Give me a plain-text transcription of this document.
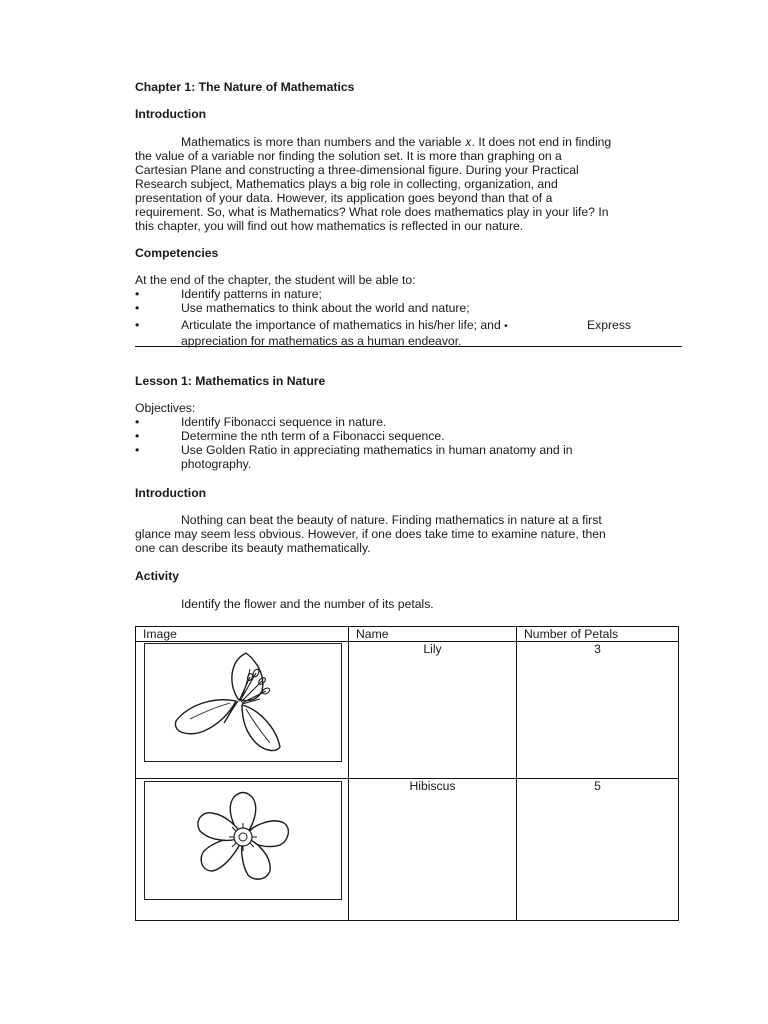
Chapter 1: The Nature of Mathematics
Introduction

Mathematics is more than numbers and the variable 𝑥. It does not end in finding

the value of a variable nor finding the solution set. It is more than graphing on a

Cartesian Plane and constructing a three-dimensional figure. During your Practical

Research subject, Mathematics plays a big role in collecting, organization, and

presentation of your data. However, its application goes beyond than that of a

requirement. So, what is Mathematics? What role does mathematics play in your life? In

this chapter, you will find out how mathematics is reflected in our nature.

Competencies
At the end of the chapter, the student will be able to:
•	Identify patterns in nature;
•	Use mathematics to think about the world and nature;
•	Articulate the importance of mathematics in his/her life; and •	Express
appreciation for mathematics as a human endeavor.
Lesson 1: Mathematics in Nature
Objectives:
•	Identify Fibonacci sequence in nature.
•	Determine the nth term of a Fibonacci sequence.
•	Use Golden Ratio in appreciating mathematics in human anatomy and in
photography.
Introduction

Nothing can beat the beauty of nature. Finding mathematics in nature at a first

glance may seem less obvious. However, if one does take time to examine nature, then

one can describe its beauty mathematically.

Activity
Identify the flower and the number of its petals.
Image	Name	Number of Petals

	Lily	3

	Hibiscus	5
